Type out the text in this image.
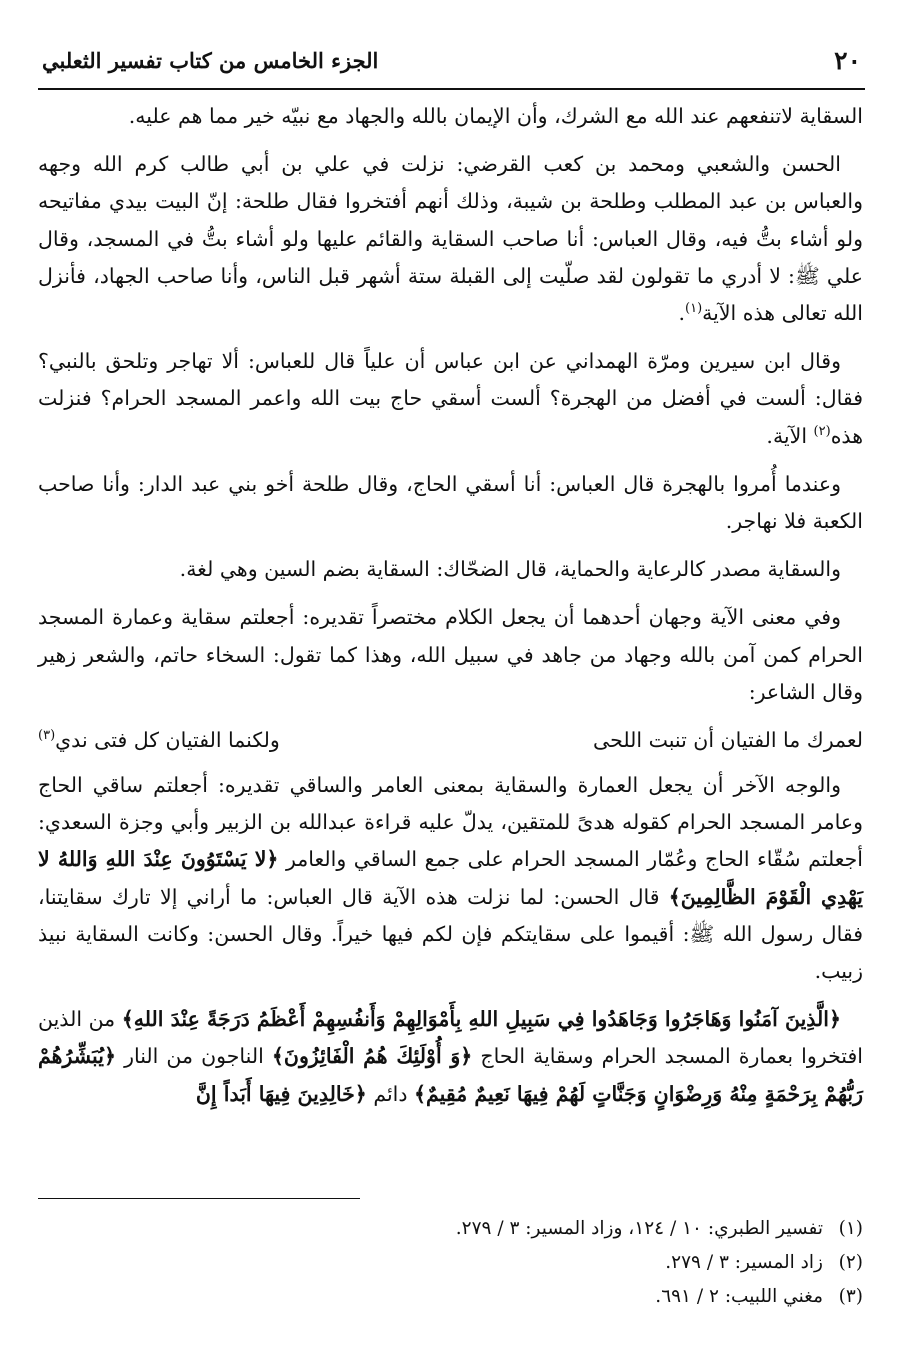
٢٠
الجزء الخامس من كتاب تفسير الثعلبي

السقاية لاتنفعهم عند الله مع الشرك، وأن الإيمان بالله والجهاد مع نبيّه خير مما هم عليه.

الحسن والشعبي ومحمد بن كعب القرضي: نزلت في علي بن أبي طالب كرم الله وجهه والعباس بن عبد المطلب وطلحة بن شيبة، وذلك أنهم أفتخروا فقال طلحة: إنّ البيت بيدي مفاتيحه ولو أشاء بتُّ فيه، وقال العباس: أنا صاحب السقاية والقائم عليها ولو أشاء بتُّ في المسجد، وقال علي ﷺ: لا أدري ما تقولون لقد صلّيت إلى القبلة ستة أشهر قبل الناس، وأنا صاحب الجهاد، فأنزل الله تعالى هذه الآية$^{(١)}$.

وقال ابن سيرين ومرّة الهمداني عن ابن عباس أن علياً قال للعباس: ألا تهاجر وتلحق بالنبي؟ فقال: ألست في أفضل من الهجرة؟ ألست أسقي حاج بيت الله واعمر المسجد الحرام؟ فنزلت هذه$^{(٢)}$ الآية.

وعندما أُمروا بالهجرة قال العباس: أنا أسقي الحاج، وقال طلحة أخو بني عبد الدار: وأنا صاحب الكعبة فلا نهاجر.

والسقاية مصدر كالرعاية والحماية، قال الضحّاك: السقاية بضم السين وهي لغة.

وفي معنى الآية وجهان أحدهما أن يجعل الكلام مختصراً تقديره: أجعلتم سقاية وعمارة المسجد الحرام كمن آمن بالله وجهاد من جاهد في سبيل الله، وهذا كما تقول: السخاء حاتم، والشعر زهير وقال الشاعر:

لعمرك ما الفتيان أن تنبت اللحى
ولكنما الفتيان كل فتى ندي$^{(٣)}$

والوجه الآخر أن يجعل العمارة والسقاية بمعنى العامر والساقي تقديره: أجعلتم ساقي الحاج وعامر المسجد الحرام كقوله هدىً للمتقين، يدلّ عليه قراءة عبدالله بن الزبير وأبي وجزة السعدي: أجعلتم سُقّاء الحاج وعُمّار المسجد الحرام على جمع الساقي والعامر ﴿لا يَسْتَوُونَ عِنْدَ اللهِ وَاللهُ لا يَهْدِي الْقَوْمَ الظَّالِمِينَ﴾ قال الحسن: لما نزلت هذه الآية قال العباس: ما أراني إلا تارك سقايتنا، فقال رسول الله ﷺ: أقيموا على سقايتكم فإن لكم فيها خيراً. وقال الحسن: وكانت السقاية نبيذ زبيب.

﴿الَّذِينَ آمَنُوا وَهَاجَرُوا وَجَاهَدُوا فِي سَبِيلِ اللهِ بِأَمْوَالِهِمْ وَأَنفُسِهِمْ أَعْظَمُ دَرَجَةً عِنْدَ اللهِ﴾ من الذين افتخروا بعمارة المسجد الحرام وسقاية الحاج ﴿وَ أُوْلَئِكَ هُمُ الْفَائِزُونَ﴾ الناجون من النار ﴿يُبَشِّرُهُمْ رَبُّهُمْ بِرَحْمَةٍ مِنْهُ وَرِضْوَانٍ وَجَنَّاتٍ لَهُمْ فِيهَا نَعِيمٌ مُقِيمٌ﴾ دائم ﴿خَالِدِينَ فِيهَا أَبَداً إِنَّ

(١)
تفسير الطبري: ١٠ / ١٢٤، وزاد المسير: ٣ / ٢٧٩.
(٢)
زاد المسير: ٣ / ٢٧٩.
(٣)
مغني اللبيب: ٢ / ٦٩١.
